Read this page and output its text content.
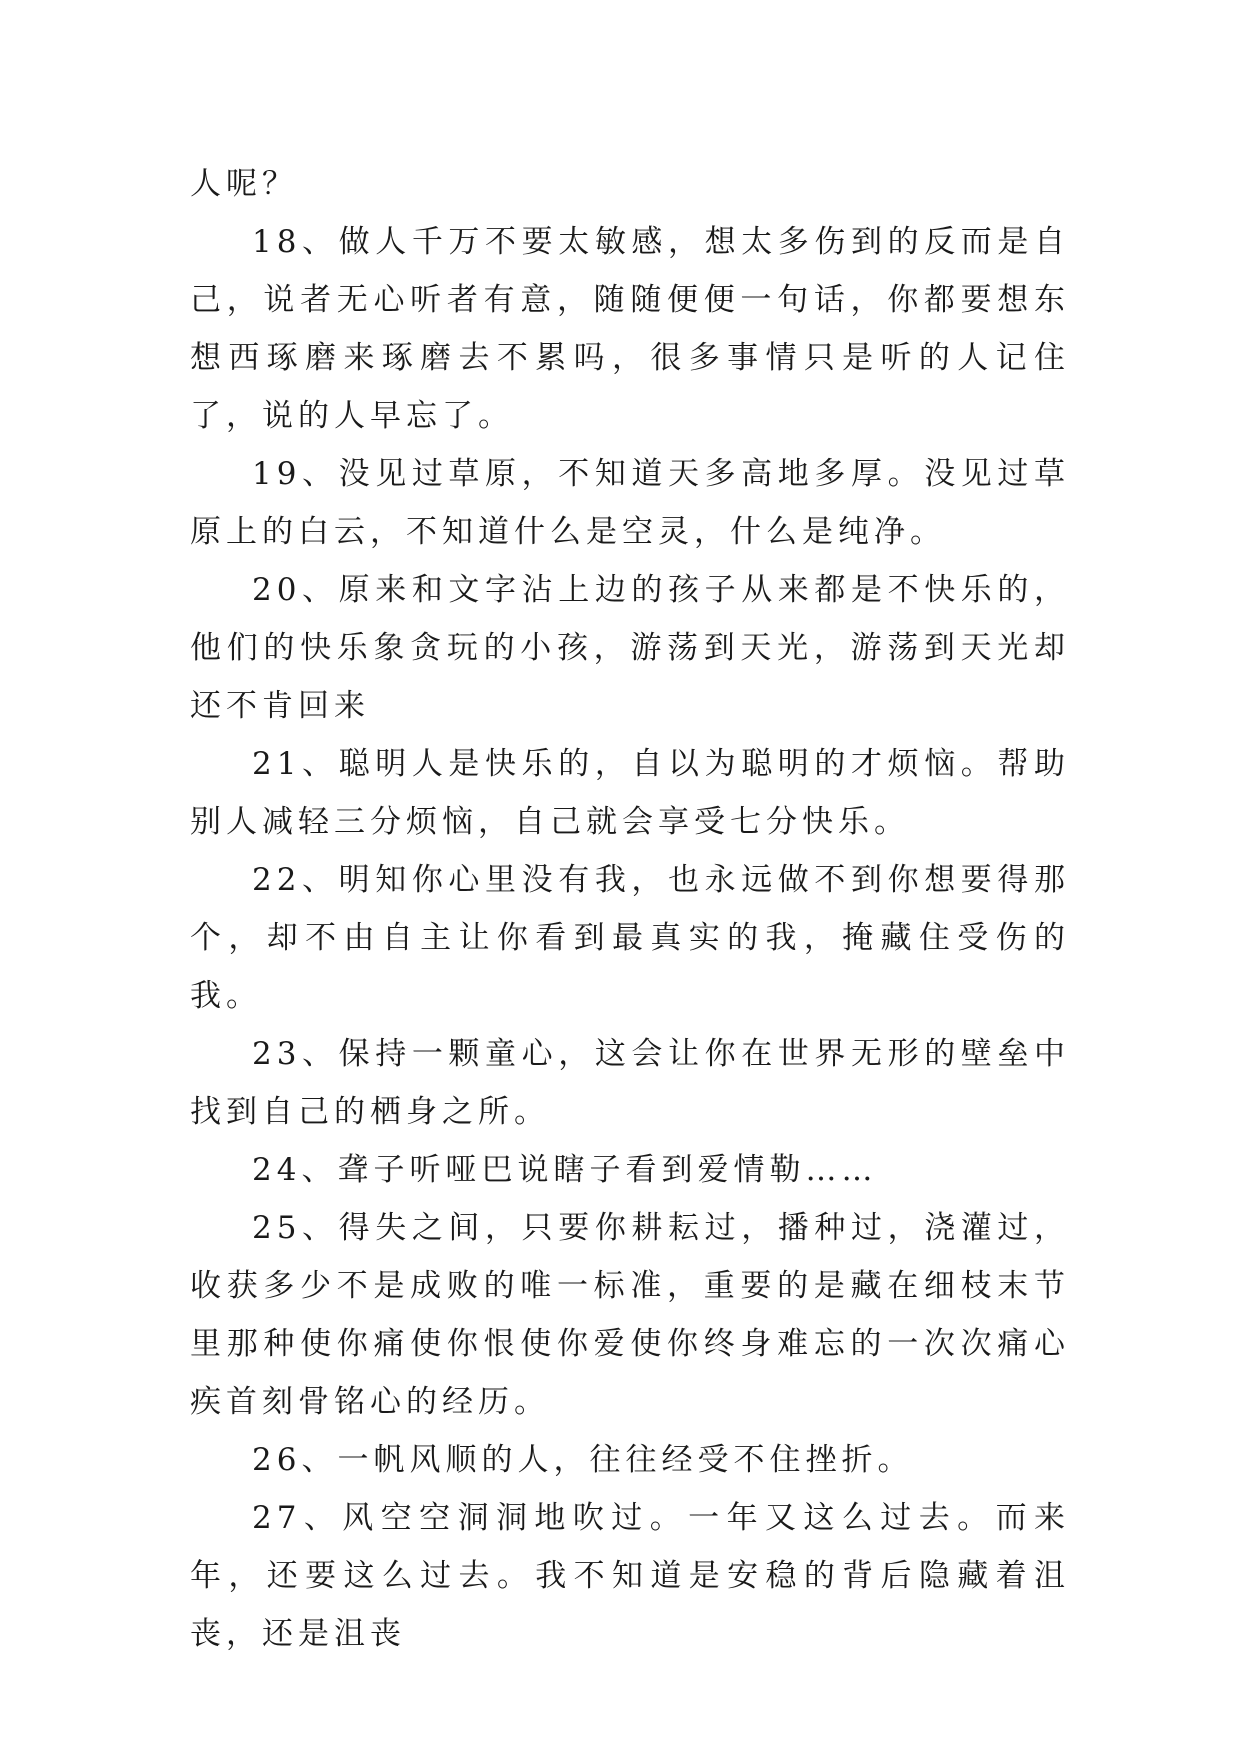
人呢？

18、做人千万不要太敏感，想太多伤到的反而是自己，说者无心听者有意，随随便便一句话，你都要想东想西琢磨来琢磨去不累吗，很多事情只是听的人记住了，说的人早忘了。

19、没见过草原，不知道天多高地多厚。没见过草原上的白云，不知道什么是空灵，什么是纯净。

20、原来和文字沾上边的孩子从来都是不快乐的，他们的快乐象贪玩的小孩，游荡到天光，游荡到天光却还不肯回来

21、聪明人是快乐的，自以为聪明的才烦恼。帮助别人减轻三分烦恼，自己就会享受七分快乐。

22、明知你心里没有我，也永远做不到你想要得那个，却不由自主让你看到最真实的我，掩藏住受伤的我。

23、保持一颗童心，这会让你在世界无形的壁垒中找到自己的栖身之所。

24、聋子听哑巴说瞎子看到爱情勒……

25、得失之间，只要你耕耘过，播种过，浇灌过，收获多少不是成败的唯一标准，重要的是藏在细枝末节里那种使你痛使你恨使你爱使你终身难忘的一次次痛心疾首刻骨铭心的经历。

26、一帆风顺的人，往往经受不住挫折。

27、风空空洞洞地吹过。一年又这么过去。而来年，还要这么过去。我不知道是安稳的背后隐藏着沮丧，还是沮丧
